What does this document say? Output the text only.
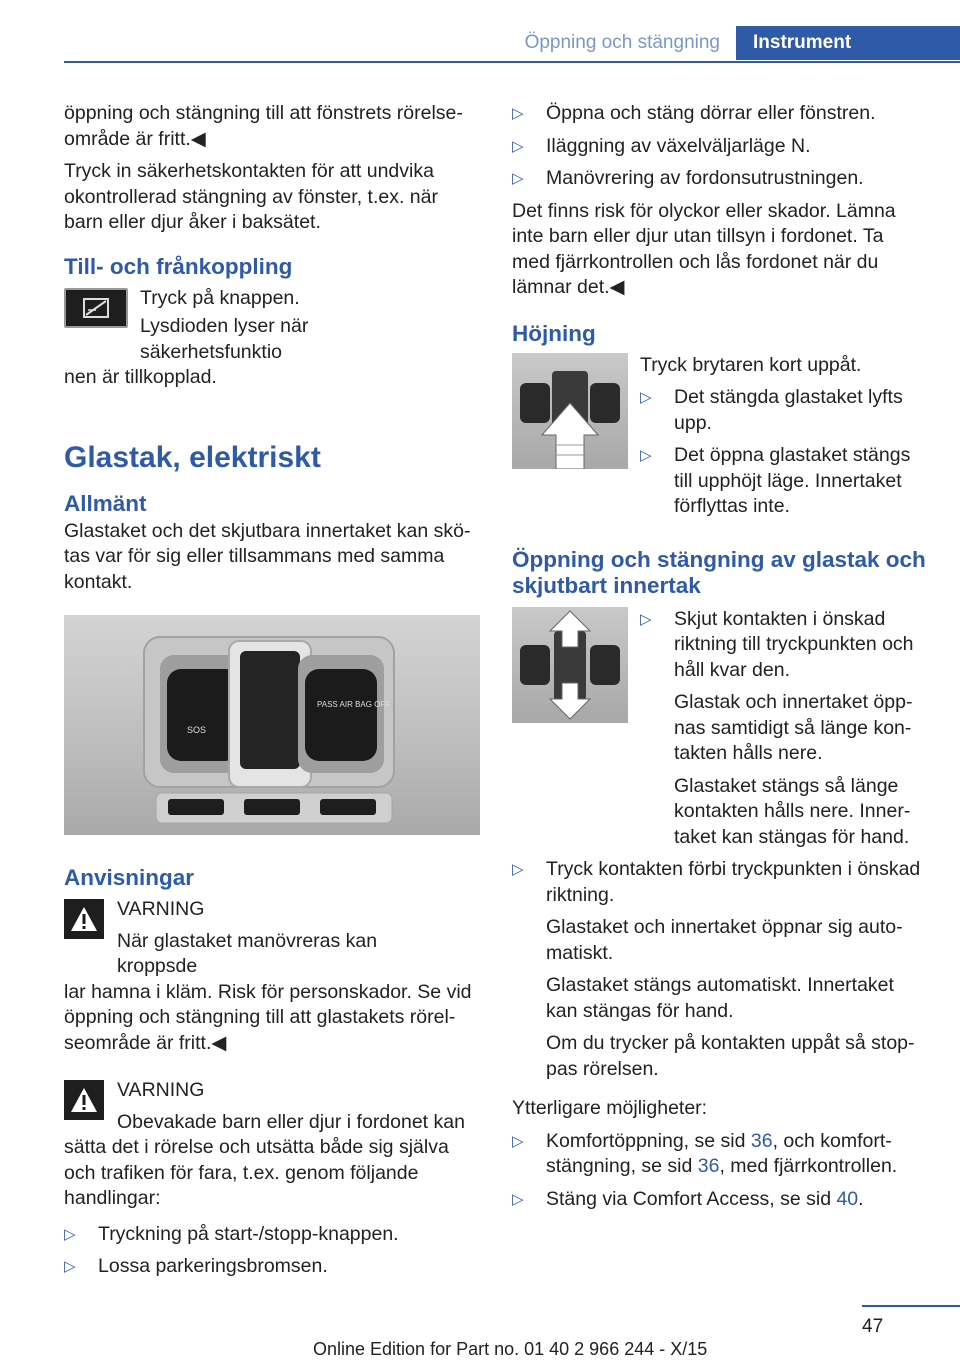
Öppning och stängning	Instrument

öppning och stängning till att fönstrets rörelseområde är fritt.◀

Tryck in säkerhetskontakten för att undvika okontrollerad stängning av fönster, t.ex. när barn eller djur åker i baksätet.

Till- och frånkoppling

Tryck på knappen.

Lysdioden lyser när säkerhetsfunktio

nen är tillkopplad.

Glastak, elektriskt
Allmänt

Glastaket och det skjutbara innertaket kan skötas var för sig eller tillsammans med samma kontakt.

SOS
PASS AIR BAG OFF
Anvisningar
VARNING
När glastaket manövreras kan kroppsde

lar hamna i kläm. Risk för personskador. Se vid öppning och stängning till att glastakets rörelseområde är fritt.◀

VARNING
Obevakade barn eller djur i fordonet kan

sätta det i rörelse och utsätta både sig själva och trafiken för fara, t.ex. genom följande handlingar:

▷	Tryckning på start-/stopp-knappen.
▷	Lossa parkeringsbromsen.
▷	Öppna och stäng dörrar eller fönstren.
▷	Iläggning av växelväljarläge N.
▷	Manövrering av fordonsutrustningen.

Det finns risk för olyckor eller skador. Lämna inte barn eller djur utan tillsyn i fordonet. Ta med fjärrkontrollen och lås fordonet när du lämnar det.◀

Höjning

Tryck brytaren kort uppåt.

▷	Det stängda glastaket lyfts upp.
▷	Det öppna glastaket stängs till upphöjt läge. Innertaket förflyttas inte.
Öppning och stängning av glastak och skjutbart innertak
▷	Skjut kontakten i önskad riktning till tryckpunkten och håll kvar den.

Glastak och innertaket öppnas samtidigt så länge kontakten hålls nere.

Glastaket stängs så länge kontakten hålls nere. Innertaket kan stängas för hand.

▷	Tryck kontakten förbi tryckpunkten i önskad riktning.

Glastaket och innertaket öppnar sig automatiskt.

Glastaket stängs automatiskt. Innertaket kan stängas för hand.

Om du trycker på kontakten uppåt så stoppas rörelsen.

Ytterligare möjligheter:

▷	Komfortöppning, se sid 36, och komfortstängning, se sid 36, med fjärrkontrollen.
▷	Stäng via Comfort Access, se sid 40.
47
Online Edition for Part no. 01 40 2 966 244 - X/15
